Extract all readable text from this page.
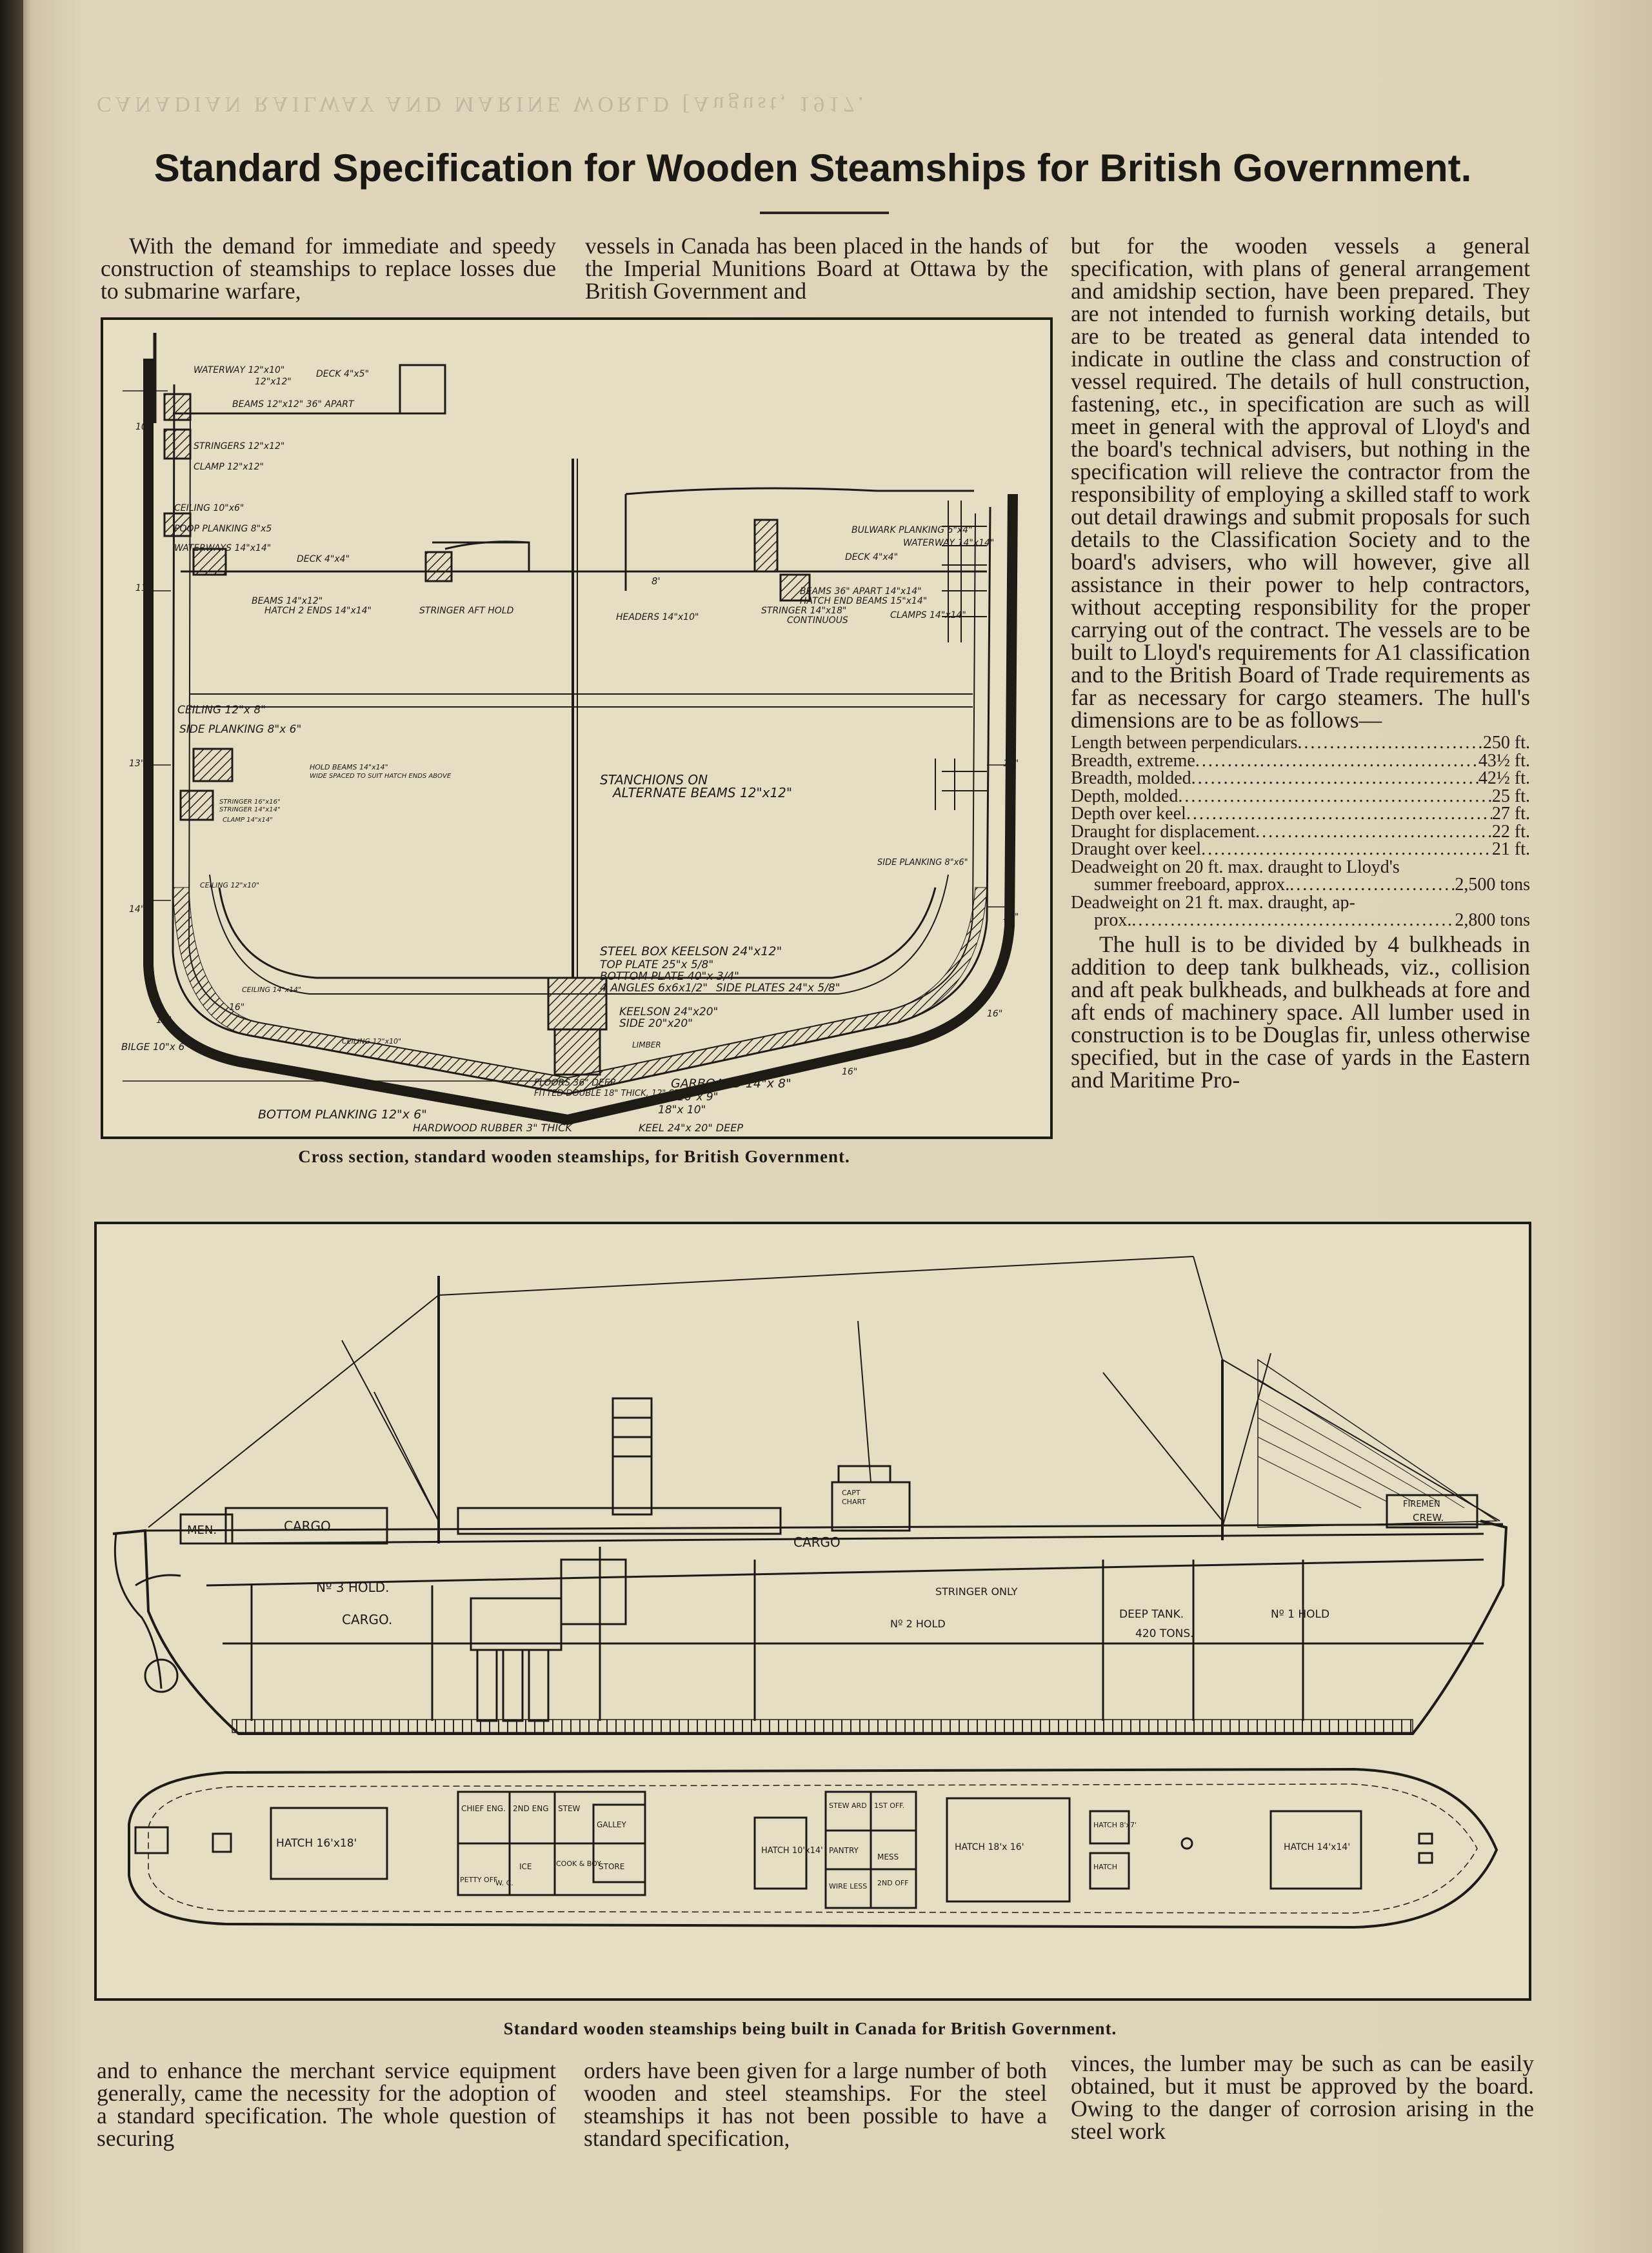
CANADIAN RAILWAY AND MARINE WORLD [August, 1917.
Standard Specification for Wooden Steamships for British Government.

With the demand for immediate and speedy construction of steamships to replace losses due to submarine warfare,

vessels in Canada has been placed in the hands of the Imperial Munitions Board at Ottawa by the British Government and

but for the wooden vessels a general specification, with plans of general arrangement and amidship section, have been prepared. They are not intended to furnish working details, but are to be treated as general data intended to indicate in outline the class and construction of vessel required. The details of hull construction, fastening, etc., in specification are such as will meet in general with the approval of Lloyd's and the board's technical advisers, but nothing in the specification will relieve the contractor from the responsibility of employing a skilled staff to work out detail drawings and submit proposals for such details to the Classification Society and to the board's advisers, who will however, give all assistance in their power to help contractors, without accepting responsibility for the proper carrying out of the contract. The vessels are to be built to Lloyd's requirements for A1 classification and to the British Board of Trade requirements as far as necessary for cargo steamers. The hull's dimensions are to be as follows—

Length between perpendiculars .....	250 ft.
Breadth, extreme .....	43½ ft.
Breadth, molded .....	42½ ft.
Depth, molded .....	25 ft.
Depth over keel .....	27 ft.
Draught for displacement .....	22 ft.
Draught over keel .....	21 ft.
Deadweight on 20 ft. max. draught to Lloyd's
summer freeboard, approx. .....	2,500 tons
Deadweight on 21 ft. max. draught, ap-
prox. .....	2,800 tons

The hull is to be divided by 4 bulkheads in addition to deep tank bulkheads, viz., collision and aft peak bulkheads, and bulkheads at fore and aft ends of machinery space. All lumber used in construction is to be Douglas fir, unless otherwise specified, but in the case of yards in the Eastern and Maritime Pro-

WATERWAY 12"x10"
12"x12"
DECK 4"x5"
BEAMS 12"x12" 36" APART
STRINGERS 12"x12"
CLAMP 12"x12"
CEILING 10"x6"
POOP PLANKING 8"x5
WATERWAYS 14"x14"
DECK 4"x4"
BEAMS 14"x12"
HATCH 2 ENDS 14"x14"	STRINGER AFT HOLD
HEADERS 14"x10"
BULWARK PLANKING 6"x4"
WATERWAY 14"x14"
DECK 4"x4"
BEAMS 36" APART 14"x14"
HATCH END BEAMS 15"x14"
STRINGER 14"x18"
CONTINUOUS	CLAMPS 14"x14"
CEILING 12"x 8"
SIDE PLANKING 8"x 6"
HOLD BEAMS 14"x14"
WIDE SPACED TO SUIT HATCH ENDS ABOVE	STANCHIONS ON
ALTERNATE BEAMS 12"x12"
STRINGER 16"x16"
STRINGER 14"x14"
CLAMP 14"x14"
CEILING 12"x10"
SIDE PLANKING 8"x6"
STEEL BOX KEELSON 24"x12"
TOP PLATE 25"x 5/8"
BOTTOM PLATE 40"x 3/4"
4 ANGLES 6x6x1/2" SIDE PLATES 24"x 5/8"
CEILING 14"x14"
KEELSON 24"x20"
SIDE 20"x20"
LIMBER
CEILING 12"x10"
BILGE 10"x 6"
FLOORS 36" DEEP
FITTED DOUBLE 18" THICK, 12" SPACE
BOTTOM PLANKING 12"x 6"
GARBOARD 14"x 8"
16"x 9"
18"x 10"
HARDWOOD RUBBER 3" THICK	KEEL 24"x 20" DEEP
8'
10"
11"
13"
14"
15"
16"
14"
15"
16"
16"
Cross section, standard wooden steamships, for British Government.
MEN.	CARGO.
Nº 3 HOLD.
CARGO.
CARGO
STRINGER ONLY
Nº 2 HOLD
DEEP TANK.
420 TONS.
Nº 1 HOLD
FIREMEN
CREW.
CAPT
CHART
HATCH 16'x18'
CHIEF ENG. 2ND ENG STEW
GALLEY
PETTY OFF
W. C.
ICE	COOK & BOY
STORE
HATCH 10'x14'
STEW ARD 1ST OFF.
PANTRY
MESS
WIRE LESS 2ND OFF
HATCH 18'x 16'
HATCH 8'x7'
HATCH
HATCH 14'x14'
Standard wooden steamships being built in Canada for British Government.

and to enhance the merchant service equipment generally, came the necessity for the adoption of a standard specification. The whole question of securing

orders have been given for a large number of both wooden and steel steamships. For the steel steamships it has not been possible to have a standard specification,

vinces, the lumber may be such as can be easily obtained, but it must be approved by the board. Owing to the danger of corrosion arising in the steel work
